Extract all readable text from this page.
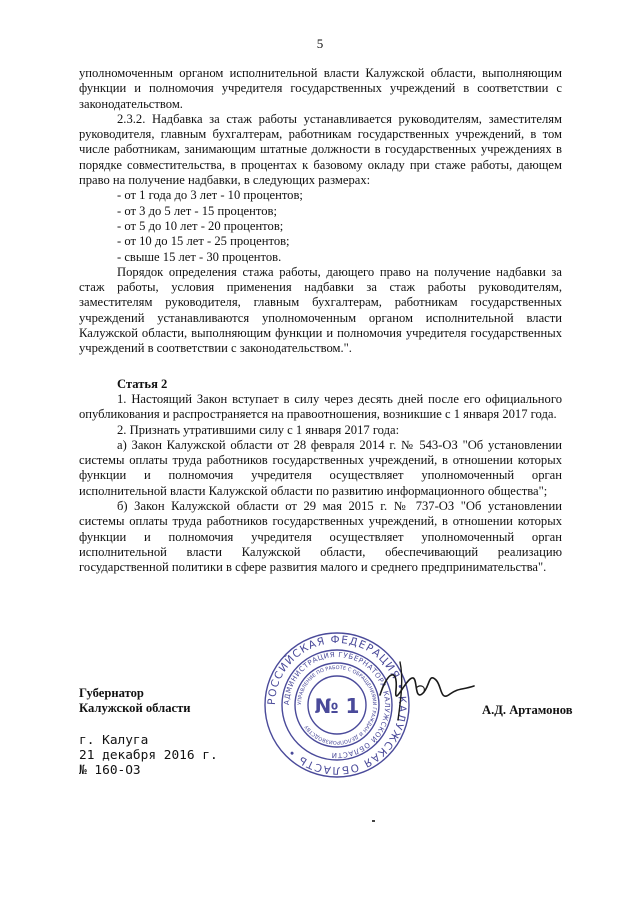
5

уполномоченным органом исполнительной власти Калужской области, выполняющим функции и полномочия учредителя государственных учреждений в соответствии с законодательством.

2.3.2. Надбавка за стаж работы устанавливается руководителям, заместителям руководителя, главным бухгалтерам, работникам государственных учреждений, в том числе работникам, занимающим штатные должности в государственных учреждениях в порядке совместительства, в процентах к базовому окладу при стаже работы, дающем право на получение надбавки, в следующих размерах:

- от 1 года до 3 лет - 10 процентов;

- от 3 до 5 лет - 15 процентов;

- от 5 до 10 лет - 20 процентов;

- от 10 до 15 лет - 25 процентов;

- свыше 15 лет - 30 процентов.

Порядок определения стажа работы, дающего право на получение надбавки за стаж работы, условия применения надбавки за стаж работы руководителям, заместителям руководителя, главным бухгалтерам, работникам государственных учреждений устанавливаются уполномоченным органом исполнительной власти Калужской области, выполняющим функции и полномочия учредителя государственных учреждений в соответствии с законодательством.".

Статья 2

1. Настоящий Закон вступает в силу через десять дней после его официального опубликования и распространяется на правоотношения, возникшие с 1 января 2017 года.

2. Признать утратившими силу с 1 января 2017 года:

а) Закон Калужской области от 28 февраля 2014 г. № 543-ОЗ "Об установлении системы оплаты труда работников государственных учреждений, в отношении которых функции и полномочия учредителя осуществляет уполномоченный орган исполнительной власти Калужской области по развитию информационного общества";

б) Закон Калужской области от 29 мая 2015 г. № 737-ОЗ "Об установлении системы оплаты труда работников государственных учреждений, в отношении которых функции и полномочия учредителя осуществляет уполномоченный орган исполнительной власти Калужской области, обеспечивающий реализацию государственной политики в сфере развития малого и среднего предпринимательства".

Губернатор
Калужской области
РОССИЙСКАЯ ФЕДЕРАЦИЯ • КАЛУЖСКАЯ ОБЛАСТЬ •
АДМИНИСТРАЦИЯ ГУБЕРНАТОРА КАЛУЖСКОЙ ОБЛАСТИ
УПРАВЛЕНИЕ ПО РАБОТЕ С ОБРАЩЕНИЯМИ ГРАЖДАН И ДЕЛОПРОИЗВОДСТВУ
№ 1	А.Д. Артамонов
г. Калуга
21 декабря 2016 г.
№ 160-ОЗ
